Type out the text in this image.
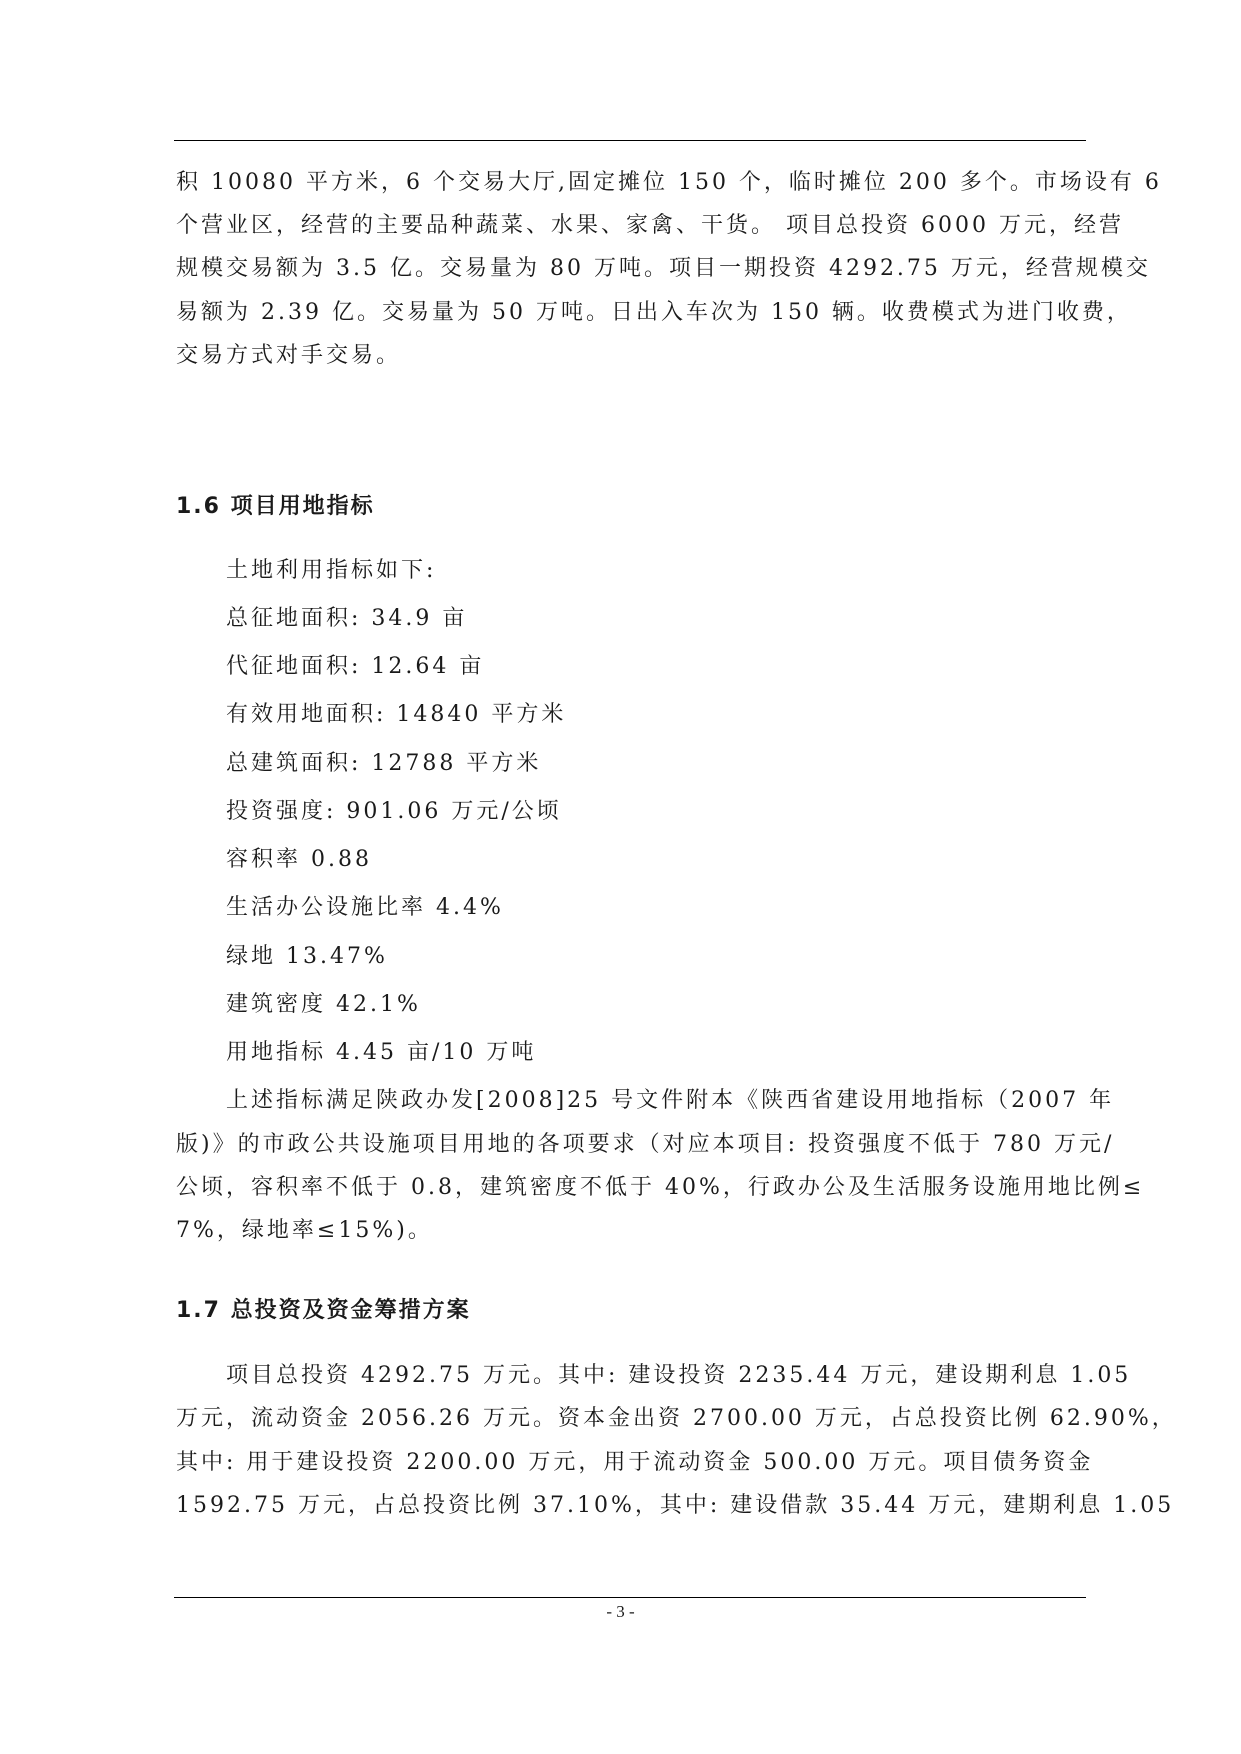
积 10080 平方米，6 个交易大厅,固定摊位 150 个，临时摊位 200 多个。市场设有 6
个营业区，经营的主要品种蔬菜、水果、家禽、干货。 项目总投资 6000 万元，经营
规模交易额为 3.5 亿。交易量为 80 万吨。项目一期投资 4292.75 万元，经营规模交
易额为 2.39 亿。交易量为 50 万吨。日出入车次为 150 辆。收费模式为进门收费，
交易方式对手交易。
1.6 项目用地指标
土地利用指标如下:
总征地面积: 34.9 亩
代征地面积: 12.64 亩
有效用地面积: 14840 平方米
总建筑面积: 12788 平方米
投资强度: 901.06 万元/公顷
容积率 0.88
生活办公设施比率 4.4%
绿地 13.47%
建筑密度 42.1%
用地指标 4.45 亩/10 万吨
上述指标满足陕政办发[2008]25 号文件附本《陕西省建设用地指标（2007 年
版)》的市政公共设施项目用地的各项要求（对应本项目: 投资强度不低于 780 万元/
公顷，容积率不低于 0.8，建筑密度不低于 40%，行政办公及生活服务设施用地比例≤
7%，绿地率≤15%)。
1.7 总投资及资金筹措方案
项目总投资 4292.75 万元。其中: 建设投资 2235.44 万元，建设期利息 1.05
万元，流动资金 2056.26 万元。资本金出资 2700.00 万元，占总投资比例 62.90%，
其中: 用于建设投资 2200.00 万元，用于流动资金 500.00 万元。项目债务资金
1592.75 万元，占总投资比例 37.10%，其中: 建设借款 35.44 万元，建期利息 1.05
- 3 -
